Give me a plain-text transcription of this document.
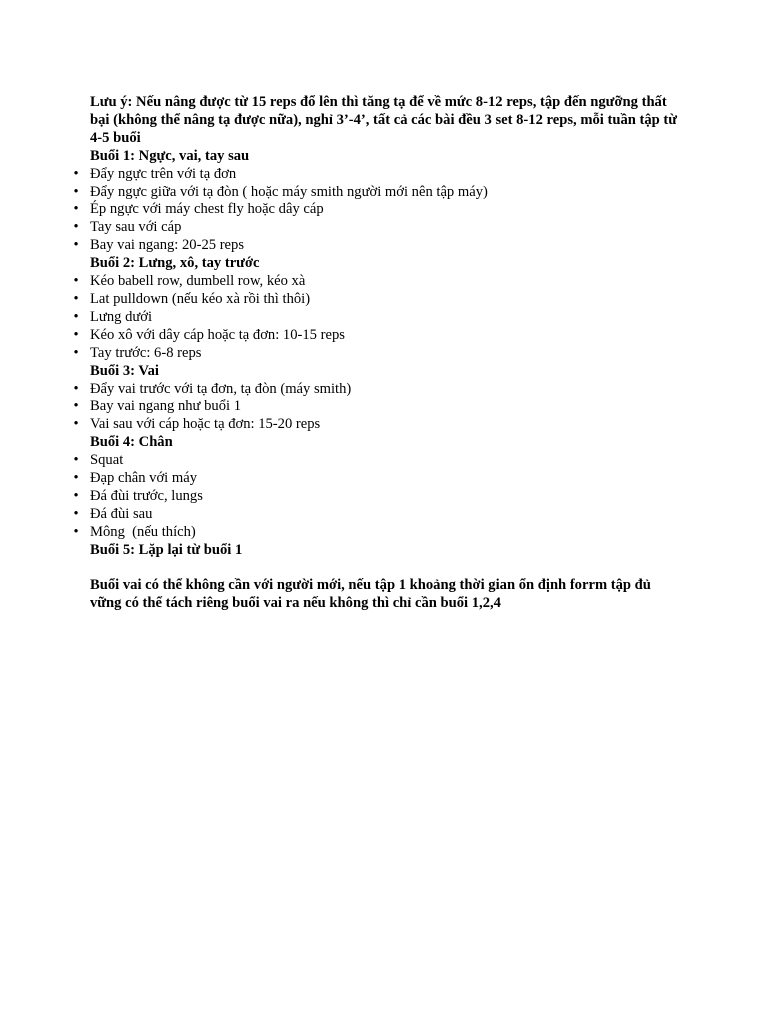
Lưu ý: Nếu nâng được từ 15 reps đổ lên thì tăng tạ để về mức 8-12 reps, tập đến ngưỡng thất bại (không thể nâng tạ được nữa), nghỉ 3’-4’, tất cả các bài đều 3 set 8-12 reps, mỗi tuần tập từ 4-5 buổi

Buổi 1: Ngực, vai, tay sau

• Đẩy ngực trên với tạ đơn
• Đẩy ngực giữa với tạ đòn ( hoặc máy smith người mới nên tập máy)
• Ép ngực với máy chest fly hoặc dây cáp
• Tay sau với cáp
• Bay vai ngang: 20-25 reps

Buổi 2: Lưng, xô, tay trước

• Kéo babell row, dumbell row, kéo xà
• Lat pulldown (nếu kéo xà rồi thì thôi)
• Lưng dưới
• Kéo xô với dây cáp hoặc tạ đơn: 10-15 reps
• Tay trước: 6-8 reps

Buổi 3: Vai

• Đẩy vai trước với tạ đơn, tạ đòn (máy smith)
• Bay vai ngang như buổi 1
• Vai sau với cáp hoặc tạ đơn: 15-20 reps

Buổi 4: Chân

• Squat
• Đạp chân với máy
• Đá đùi trước, lungs
• Đá đùi sau
• Mông  (nếu thích)

Buổi 5: Lặp lại từ buổi 1

Buổi vai có thể không cần với người mới, nếu tập 1 khoảng thời gian ổn định forrm tập đủ vững có thể tách riêng buổi vai ra nếu không thì chỉ cần buổi 1,2,4
